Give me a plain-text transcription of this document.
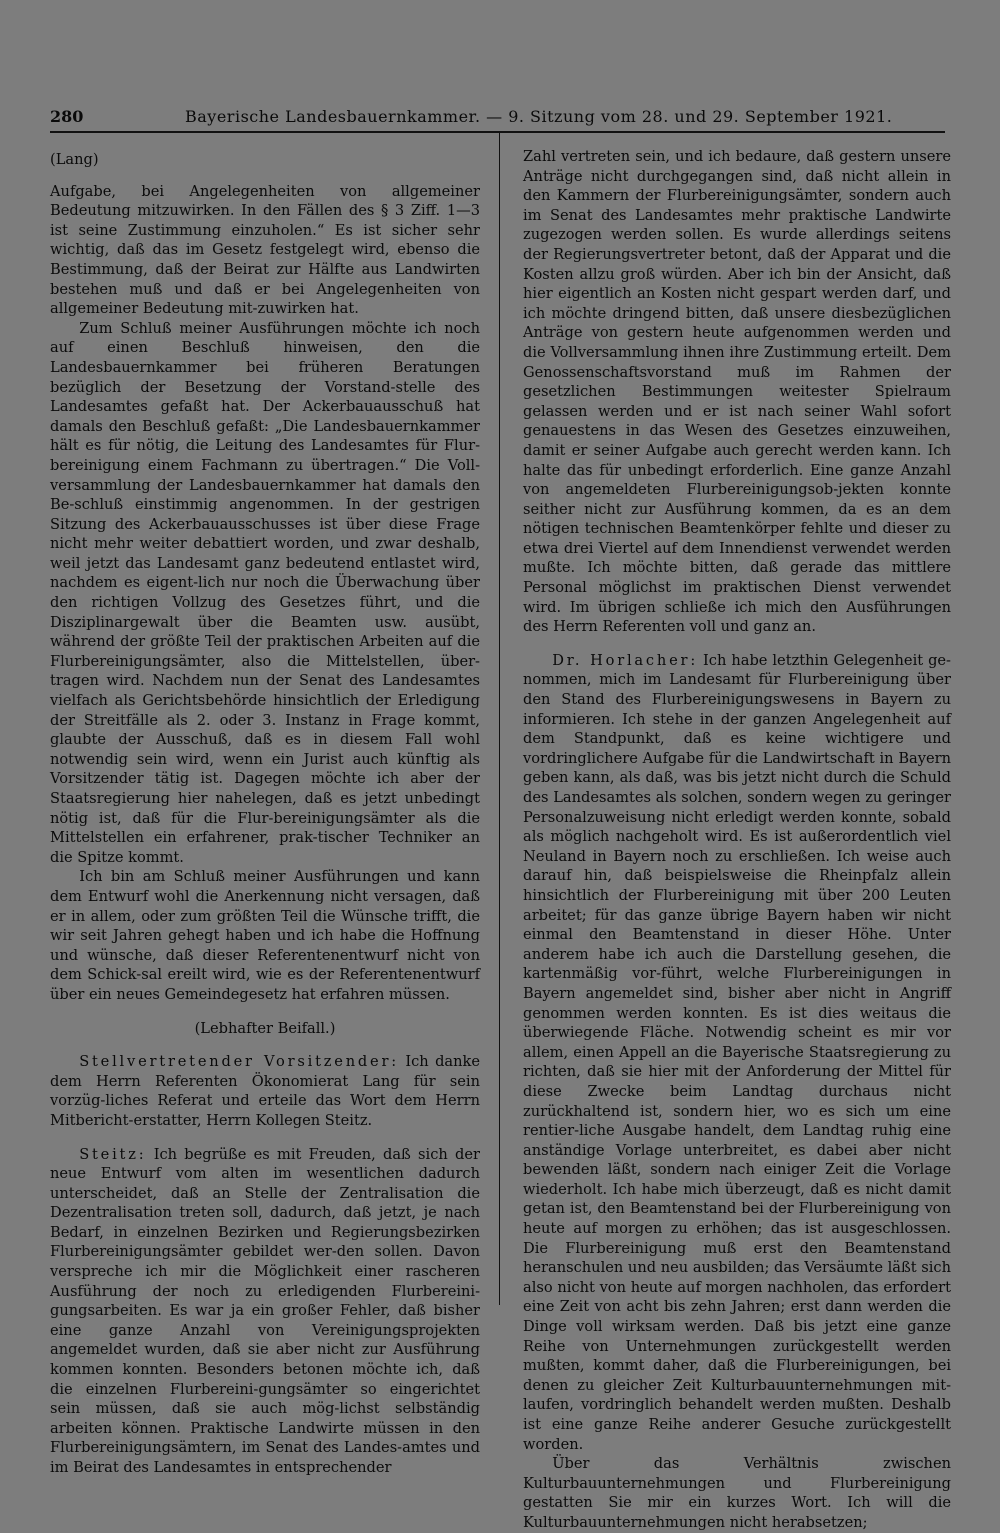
280	Bayerische Landesbauernkammer. — 9. Sitzung vom 28. und 29. September 1921.

(Lang)

Aufgabe, bei Angelegenheiten von allgemeiner Bedeutung mitzuwirken. In den Fällen des § 3 Ziff. 1—3 ist seine Zustimmung einzuholen.“ Es ist sicher sehr wichtig, daß das im Gesetz festgelegt wird, ebenso die Bestimmung, daß der Beirat zur Hälfte aus Landwirten bestehen muß und daß er bei Angelegenheiten von allgemeiner Bedeutung mit-zuwirken hat.

Zum Schluß meiner Ausführungen möchte ich noch auf einen Beschluß hinweisen, den die Landesbauernkammer bei früheren Beratungen bezüglich der Besetzung der Vorstand-stelle des Landesamtes gefaßt hat. Der Ackerbauausschuß hat damals den Beschluß gefaßt: „Die Landesbauernkammer hält es für nötig, die Leitung des Landesamtes für Flur-bereinigung einem Fachmann zu übertragen.“ Die Voll-versammlung der Landesbauernkammer hat damals den Be-schluß einstimmig angenommen. In der gestrigen Sitzung des Ackerbauausschusses ist über diese Frage nicht mehr weiter debattiert worden, und zwar deshalb, weil jetzt das Landesamt ganz bedeutend entlastet wird, nachdem es eigent-lich nur noch die Überwachung über den richtigen Vollzug des Gesetzes führt, und die Disziplinargewalt über die Beamten usw. ausübt, während der größte Teil der praktischen Arbeiten auf die Flurbereinigungsämter, also die Mittelstellen, über-tragen wird. Nachdem nun der Senat des Landesamtes vielfach als Gerichtsbehörde hinsichtlich der Erledigung der Streitfälle als 2. oder 3. Instanz in Frage kommt, glaubte der Ausschuß, daß es in diesem Fall wohl notwendig sein wird, wenn ein Jurist auch künftig als Vorsitzender tätig ist. Dagegen möchte ich aber der Staatsregierung hier nahelegen, daß es jetzt unbedingt nötig ist, daß für die Flur-bereinigungsämter als die Mittelstellen ein erfahrener, prak-tischer Techniker an die Spitze kommt.

Ich bin am Schluß meiner Ausführungen und kann dem Entwurf wohl die Anerkennung nicht versagen, daß er in allem, oder zum größten Teil die Wünsche trifft, die wir seit Jahren gehegt haben und ich habe die Hoffnung und wünsche, daß dieser Referentenentwurf nicht von dem Schick-sal ereilt wird, wie es der Referentenentwurf über ein neues Gemeindegesetz hat erfahren müssen.

(Lebhafter Beifall.)

Stellvertretender Vorsitzender: Ich danke dem Herrn Referenten Ökonomierat Lang für sein vorzüg-liches Referat und erteile das Wort dem Herrn Mitbericht-erstatter, Herrn Kollegen Steitz.

Steitz: Ich begrüße es mit Freuden, daß sich der neue Entwurf vom alten im wesentlichen dadurch unterscheidet, daß an Stelle der Zentralisation die Dezentralisation treten soll, dadurch, daß jetzt, je nach Bedarf, in einzelnen Bezirken und Regierungsbezirken Flurbereinigungsämter gebildet wer-den sollen. Davon verspreche ich mir die Möglichkeit einer rascheren Ausführung der noch zu erledigenden Flurbereini-gungsarbeiten. Es war ja ein großer Fehler, daß bisher eine ganze Anzahl von Vereinigungsprojekten angemeldet wurden, daß sie aber nicht zur Ausführung kommen konnten. Besonders betonen möchte ich, daß die einzelnen Flurbereini-gungsämter so eingerichtet sein müssen, daß sie auch mög-lichst selbständig arbeiten können. Praktische Landwirte müssen in den Flurbereinigungsämtern, im Senat des Landes-amtes und im Beirat des Landesamtes in entsprechender

Zahl vertreten sein, und ich bedaure, daß gestern unsere Anträge nicht durchgegangen sind, daß nicht allein in den Kammern der Flurbereinigungsämter, sondern auch im Senat des Landesamtes mehr praktische Landwirte zugezogen werden sollen. Es wurde allerdings seitens der Regierungsvertreter betont, daß der Apparat und die Kosten allzu groß würden. Aber ich bin der Ansicht, daß hier eigentlich an Kosten nicht gespart werden darf, und ich möchte dringend bitten, daß unsere diesbezüglichen Anträge von gestern heute aufgenommen werden und die Vollversammlung ihnen ihre Zustimmung erteilt. Dem Genossenschaftsvorstand muß im Rahmen der gesetzlichen Bestimmungen weitester Spielraum gelassen werden und er ist nach seiner Wahl sofort genauestens in das Wesen des Gesetzes einzuweihen, damit er seiner Aufgabe auch gerecht werden kann. Ich halte das für unbedingt erforderlich. Eine ganze Anzahl von angemeldeten Flurbereinigungsob-jekten konnte seither nicht zur Ausführung kommen, da es an dem nötigen technischen Beamtenkörper fehlte und dieser zu etwa drei Viertel auf dem Innendienst verwendet werden mußte. Ich möchte bitten, daß gerade das mittlere Personal möglichst im praktischen Dienst verwendet wird. Im übrigen schließe ich mich den Ausführungen des Herrn Referenten voll und ganz an.

Dr. Horlacher: Ich habe letzthin Gelegenheit ge-nommen, mich im Landesamt für Flurbereinigung über den Stand des Flurbereinigungswesens in Bayern zu informieren. Ich stehe in der ganzen Angelegenheit auf dem Standpunkt, daß es keine wichtigere und vordringlichere Aufgabe für die Landwirtschaft in Bayern geben kann, als daß, was bis jetzt nicht durch die Schuld des Landesamtes als solchen, sondern wegen zu geringer Personalzuweisung nicht erledigt werden konnte, sobald als möglich nachgeholt wird. Es ist außerordentlich viel Neuland in Bayern noch zu erschließen. Ich weise auch darauf hin, daß beispielsweise die Rheinpfalz allein hinsichtlich der Flurbereinigung mit über 200 Leuten arbeitet; für das ganze übrige Bayern haben wir nicht einmal den Beamtenstand in dieser Höhe. Unter anderem habe ich auch die Darstellung gesehen, die kartenmäßig vor-führt, welche Flurbereinigungen in Bayern angemeldet sind, bisher aber nicht in Angriff genommen werden konnten. Es ist dies weitaus die überwiegende Fläche. Notwendig scheint es mir vor allem, einen Appell an die Bayerische Staatsregierung zu richten, daß sie hier mit der Anforderung der Mittel für diese Zwecke beim Landtag durchaus nicht zurückhaltend ist, sondern hier, wo es sich um eine rentier-liche Ausgabe handelt, dem Landtag ruhig eine anständige Vorlage unterbreitet, es dabei aber nicht bewenden läßt, sondern nach einiger Zeit die Vorlage wiederholt. Ich habe mich überzeugt, daß es nicht damit getan ist, den Beamtenstand bei der Flurbereinigung von heute auf morgen zu erhöhen; das ist ausgeschlossen. Die Flurbereinigung muß erst den Beamtenstand heranschulen und neu ausbilden; das Versäumte läßt sich also nicht von heute auf morgen nachholen, das erfordert eine Zeit von acht bis zehn Jahren; erst dann werden die Dinge voll wirksam werden. Daß bis jetzt eine ganze Reihe von Unternehmungen zurückgestellt werden mußten, kommt daher, daß die Flurbereinigungen, bei denen zu gleicher Zeit Kulturbauunternehmungen mit-laufen, vordringlich behandelt werden mußten. Deshalb ist eine ganze Reihe anderer Gesuche zurückgestellt worden.

Über das Verhältnis zwischen Kulturbauunternehmungen und Flurbereinigung gestatten Sie mir ein kurzes Wort. Ich will die Kulturbauunternehmungen nicht herabsetzen;
